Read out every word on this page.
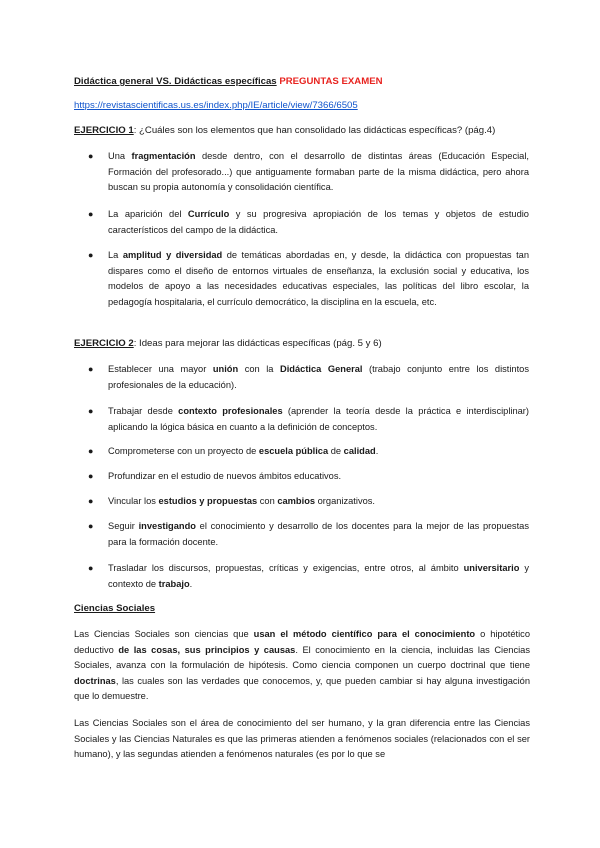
Didáctica general VS. Didácticas específicas PREGUNTAS EXAMEN
https://revistascientificas.us.es/index.php/IE/article/view/7366/6505
EJERCICIO 1: ¿Cuáles son los elementos que han consolidado las didácticas específicas? (pág.4)
● Una fragmentación desde dentro, con el desarrollo de distintas áreas (Educación Especial, Formación del profesorado...) que antiguamente formaban parte de la misma didáctica, pero ahora buscan su propia autonomía y consolidación científica.
● La aparición del Currículo y su progresiva apropiación de los temas y objetos de estudio característicos del campo de la didáctica.
● La amplitud y diversidad de temáticas abordadas en, y desde, la didáctica con propuestas tan dispares como el diseño de entornos virtuales de enseñanza, la exclusión social y educativa, los modelos de apoyo a las necesidades educativas especiales, las políticas del libro escolar, la pedagogía hospitalaria, el currículo democrático, la disciplina en la escuela, etc.
EJERCICIO 2: Ideas para mejorar las didácticas específicas (pág. 5 y 6)
● Establecer una mayor unión con la Didáctica General (trabajo conjunto entre los distintos profesionales de la educación).
● Trabajar desde contexto profesionales (aprender la teoría desde la práctica e interdisciplinar) aplicando la lógica básica en cuanto a la definición de conceptos.
● Comprometerse con un proyecto de escuela pública de calidad.
● Profundizar en el estudio de nuevos ámbitos educativos.
● Vincular los estudios y propuestas con cambios organizativos.
● Seguir investigando el conocimiento y desarrollo de los docentes para la mejor de las propuestas para la formación docente.
● Trasladar los discursos, propuestas, críticas y exigencias, entre otros, al ámbito universitario y contexto de trabajo.
Ciencias Sociales
Las Ciencias Sociales son ciencias que usan el método científico para el conocimiento o hipotético deductivo de las cosas, sus principios y causas. El conocimiento en la ciencia, incluidas las Ciencias Sociales, avanza con la formulación de hipótesis. Como ciencia componen un cuerpo doctrinal que tiene doctrinas, las cuales son las verdades que conocemos, y, que pueden cambiar si hay alguna investigación que lo demuestre.
Las Ciencias Sociales son el área de conocimiento del ser humano, y la gran diferencia entre las Ciencias Sociales y las Ciencias Naturales es que las primeras atienden a fenómenos sociales (relacionados con el ser humano), y las segundas atienden a fenómenos naturales (es por lo que se
